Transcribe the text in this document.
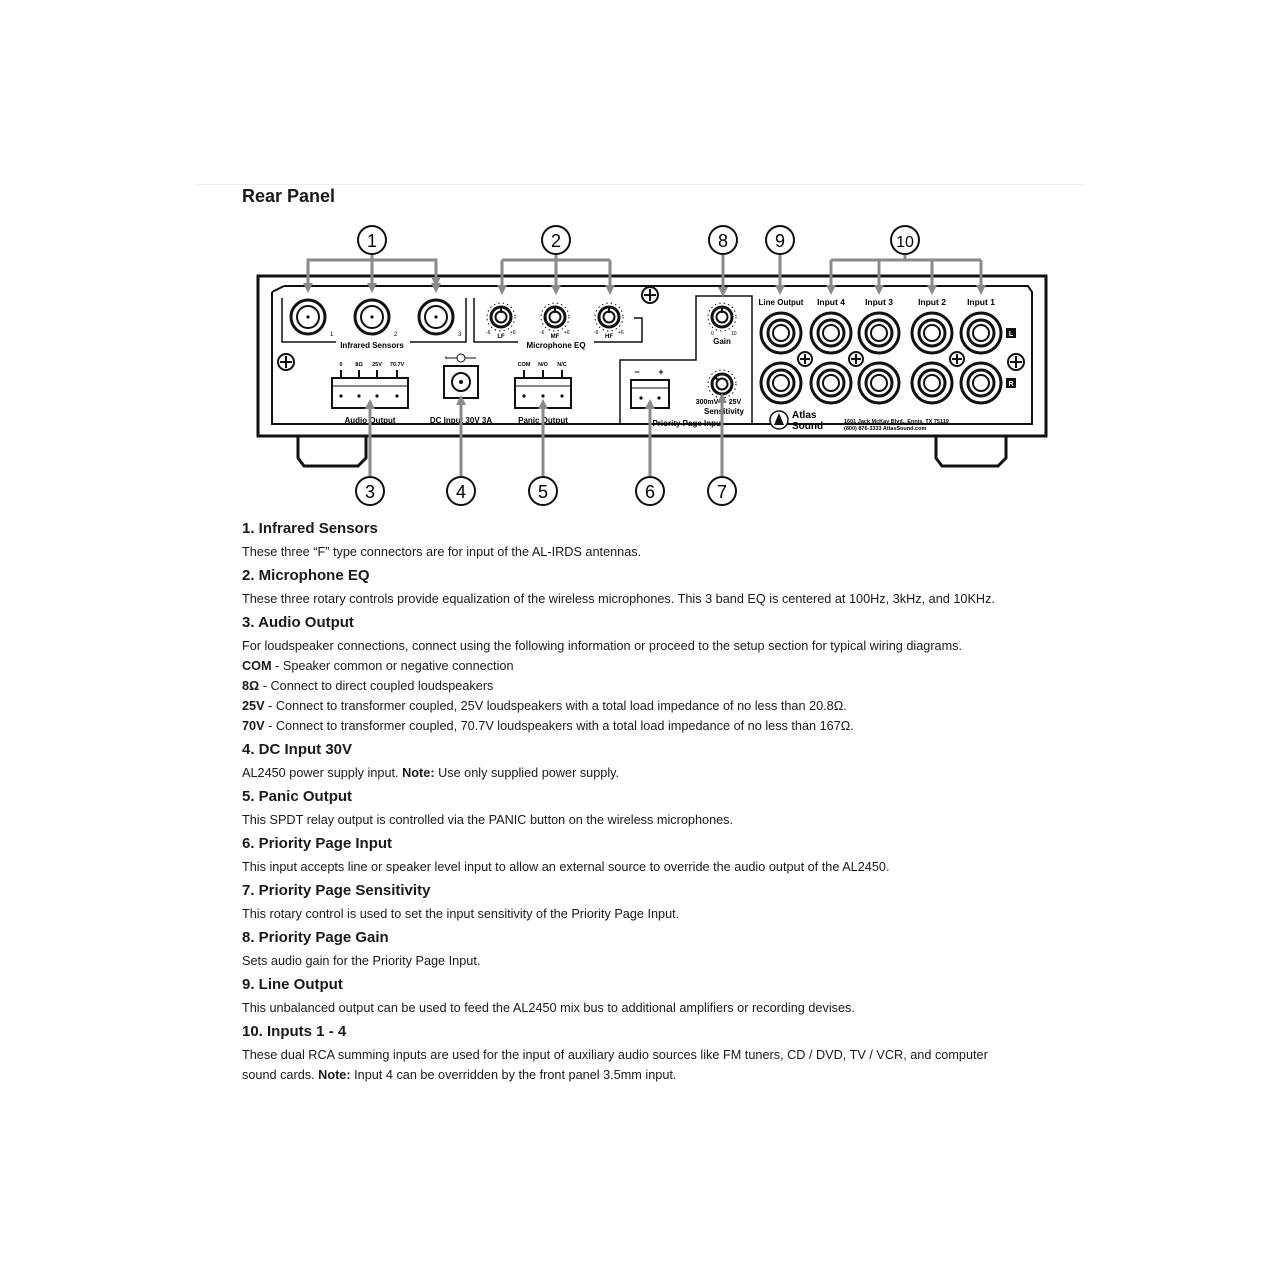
Rear Panel
1	2	3
Infrared Sensors
-6	+6
LF
-6	+6
MF
-6	+6
HF
Microphone EQ
0 8Ω 25V 70.7V
Audio Output
+	−
DC Input 30V 3A
COM N/O N/C
Panic Output
− +
0	10
Gain
300mV 25V
Sensitivity
Priority Page Input
Line Output Input 4 Input 3	Input 2 Input 1
L
R
Atlas
Sound	1601 Jack McKay Blvd., Ennis, TX 75119
(800) 876-3333 AtlasSound.com
1	2	8	9	10
3	4	5	6	7
1. Infrared Sensors

These three “F” type connectors are for input of the AL-IRDS antennas.

2. Microphone EQ

These three rotary controls provide equalization of the wireless microphones. This 3 band EQ is centered at 100Hz, 3kHz, and 10KHz.

3. Audio Output

For loudspeaker connections, connect using the following information or proceed to the setup section for typical wiring diagrams.

COM - Speaker common or negative connection

8Ω - Connect to direct coupled loudspeakers

25V - Connect to transformer coupled, 25V loudspeakers with a total load impedance of no less than 20.8Ω.

70V - Connect to transformer coupled, 70.7V loudspeakers with a total load impedance of no less than 167Ω.

4. DC Input 30V

AL2450 power supply input. Note: Use only supplied power supply.

5. Panic Output

This SPDT relay output is controlled via the PANIC button on the wireless microphones.

6. Priority Page Input

This input accepts line or speaker level input to allow an external source to override the audio output of the AL2450.

7. Priority Page Sensitivity

This rotary control is used to set the input sensitivity of the Priority Page Input.

8. Priority Page Gain

Sets audio gain for the Priority Page Input.

9. Line Output

This unbalanced output can be used to feed the AL2450 mix bus to additional amplifiers or recording devises.

10. Inputs 1 - 4

These dual RCA summing inputs are used for the input of auxiliary audio sources like FM tuners, CD / DVD, TV / VCR, and computer

sound cards. Note: Input 4 can be overridden by the front panel 3.5mm input.
